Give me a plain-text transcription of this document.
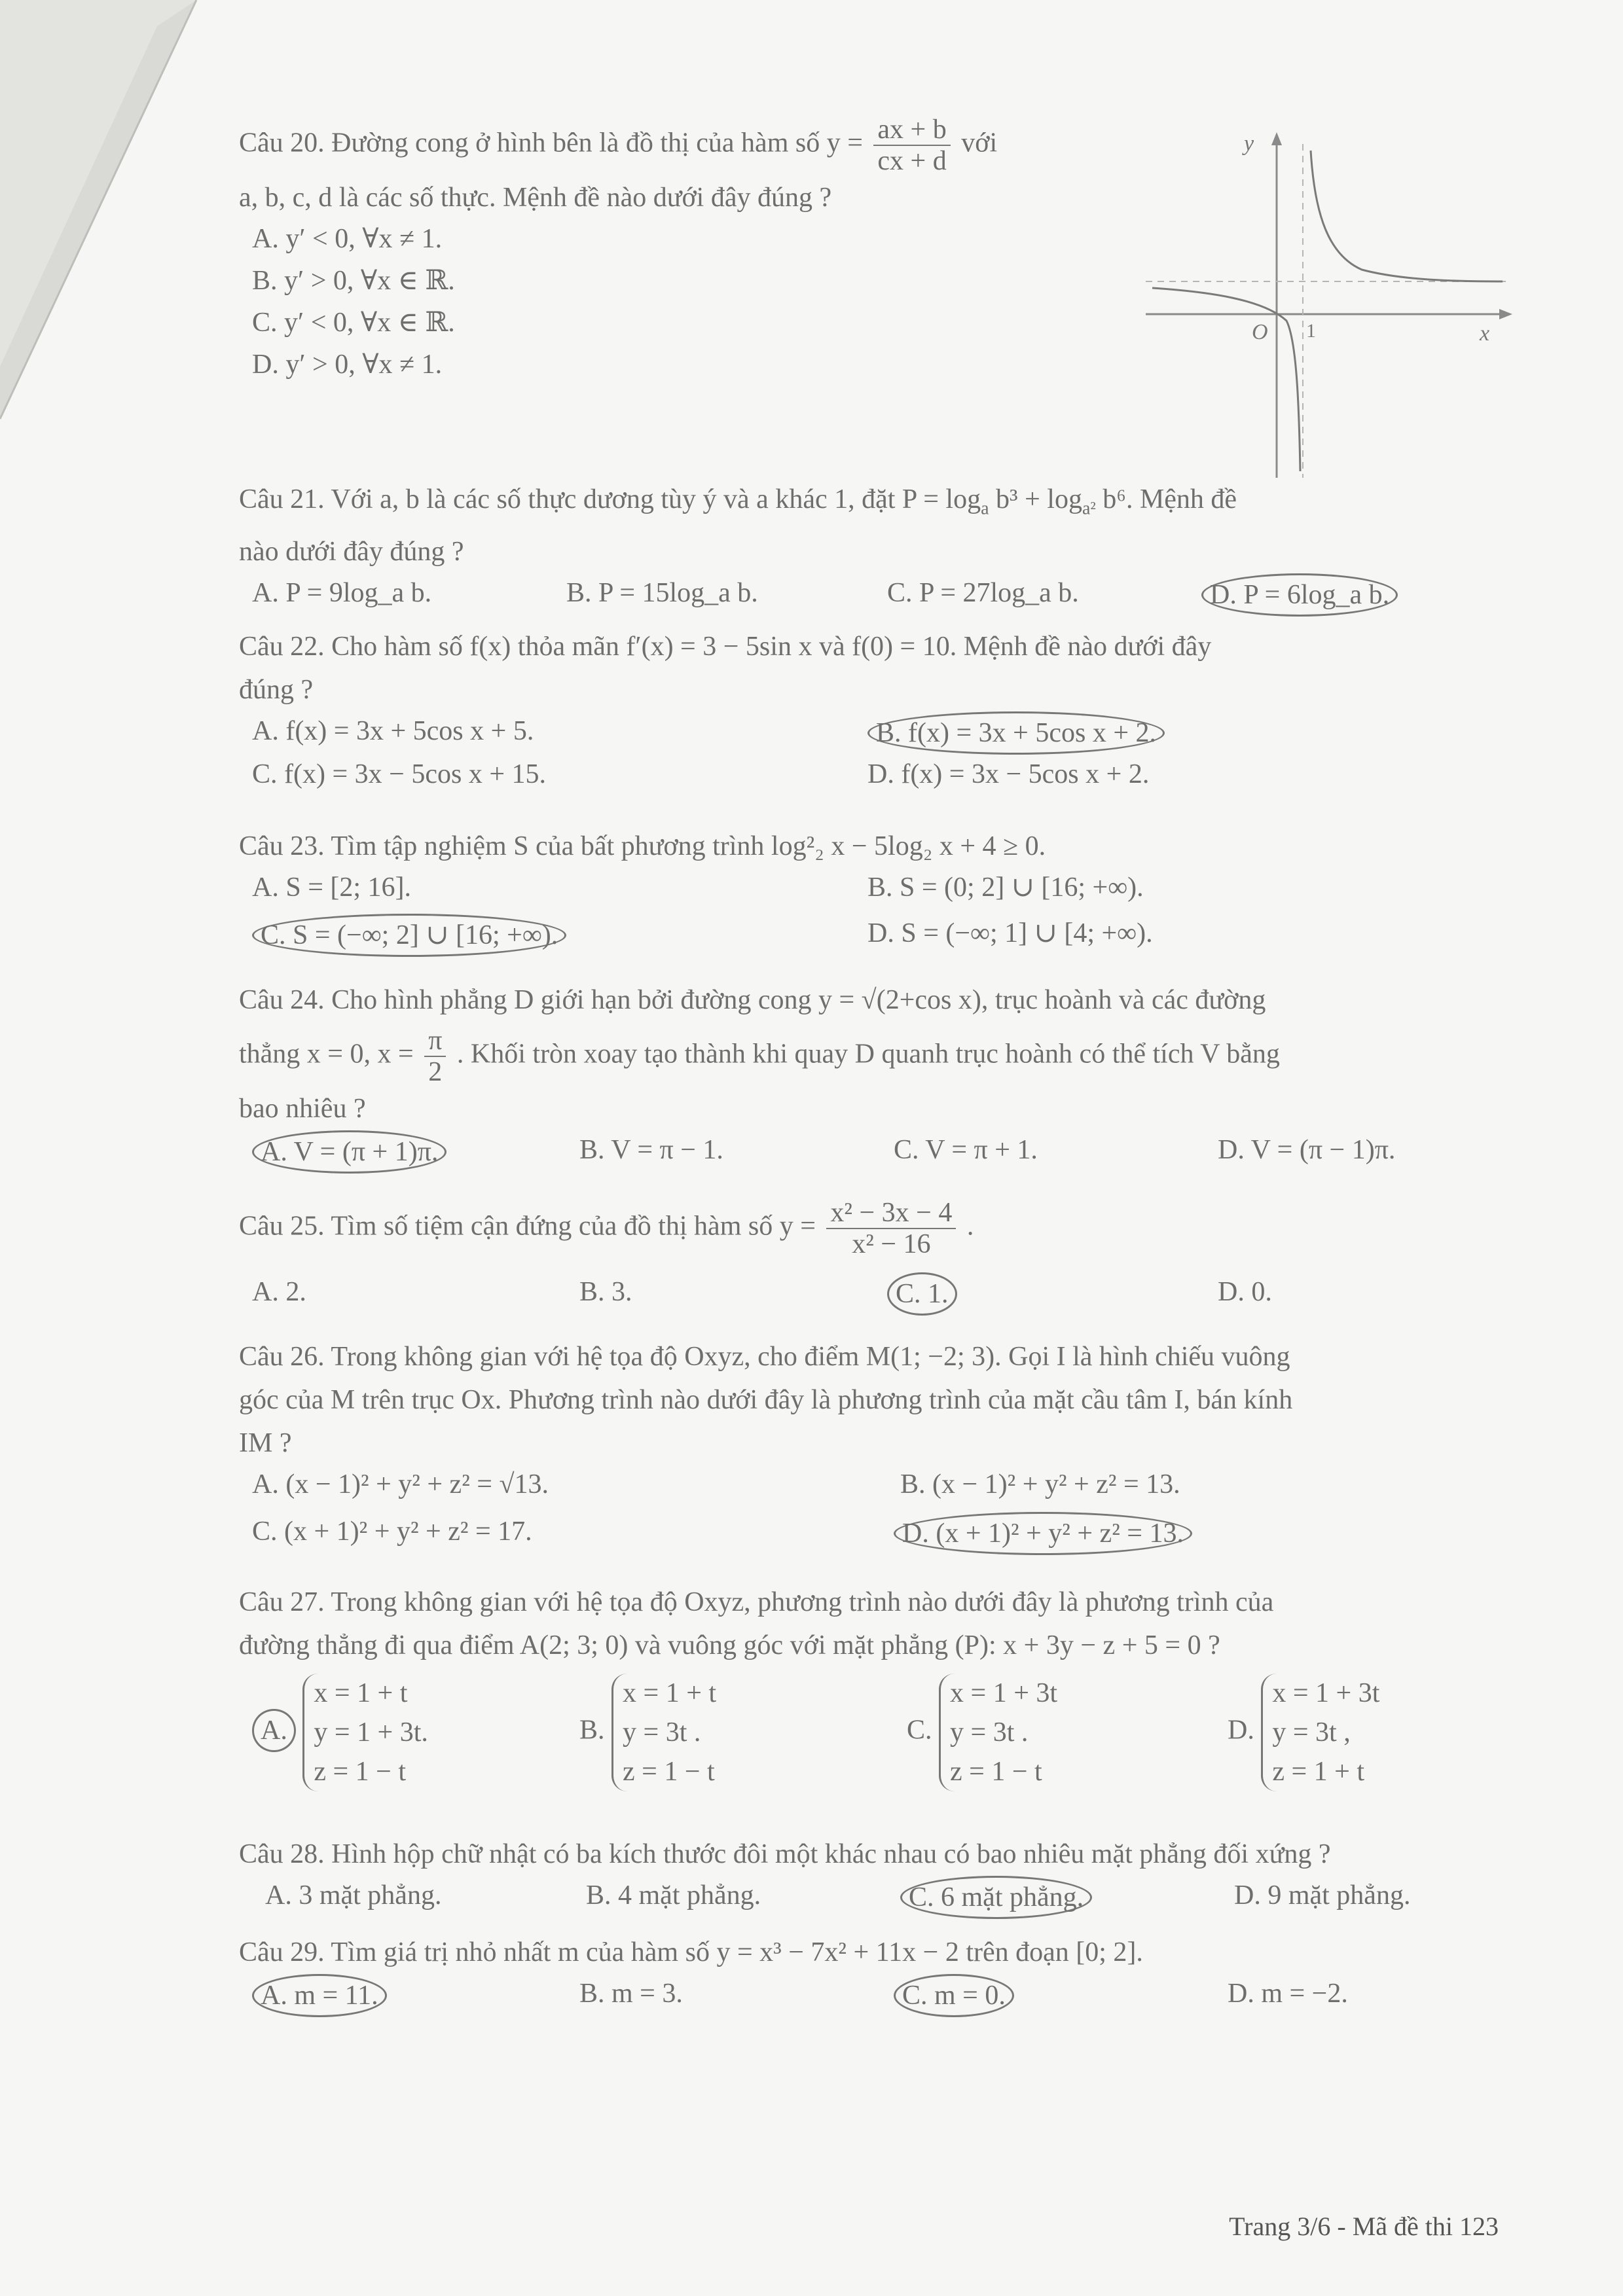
Câu 20. Đường cong ở hình bên là đồ thị của hàm số $y = \frac{ax + b}{cx + d}$ với
a, b, c, d là các số thực. Mệnh đề nào dưới đây đúng ?
A. y′ < 0, ∀x ≠ 1.
B. y′ > 0, ∀x ∈ ℝ.
C. y′ < 0, ∀x ∈ ℝ.
D. y′ > 0, ∀x ≠ 1.
y
x
O 1
Câu 21. Với a, b là các số thực dương tùy ý và a khác 1, đặt $P = \log_a b^3 + \log_{a^2} b^6$. Mệnh đề
nào dưới đây đúng ?
A. P = 9log_a b.	B. P = 15log_a b.	C. P = 27log_a b.	D. P = 6log_a b.
Câu 22. Cho hàm số f(x) thỏa mãn f′(x) = 3 − 5sin x và f(0) = 10. Mệnh đề nào dưới đây
đúng ?
A. f(x) = 3x + 5cos x + 5.	B. f(x) = 3x + 5cos x + 2.
C. f(x) = 3x − 5cos x + 15.	D. f(x) = 3x − 5cos x + 2.
Câu 23. Tìm tập nghiệm S của bất phương trình log²₂ x − 5log₂ x + 4 ≥ 0.
A. S = [2; 16].	B. S = (0; 2] ∪ [16; +∞).
C. S = (−∞; 2] ∪ [16; +∞).	D. S = (−∞; 1] ∪ [4; +∞).
Câu 24. Cho hình phẳng D giới hạn bởi đường cong y = √(2+cos x), trục hoành và các đường
thẳng x = 0, $x = \frac{\pi}{2}$ . Khối tròn xoay tạo thành khi quay D quanh trục hoành có thể tích V bằng
bao nhiêu ?
A. V = (π + 1)π.	B. V = π − 1.	C. V = π + 1.	D. V = (π − 1)π.
Câu 25. Tìm số tiệm cận đứng của đồ thị hàm số $y = \frac{\text{x² − 3x − 4}}{\text{x² − 16}}$ .
A. 2.	B. 3.	C. 1.	D. 0.
Câu 26. Trong không gian với hệ tọa độ Oxyz, cho điểm M(1; −2; 3). Gọi I là hình chiếu vuông
góc của M trên trục Ox. Phương trình nào dưới đây là phương trình của mặt cầu tâm I, bán kính
IM ?
A. (x − 1)² + y² + z² = √13.	B. (x − 1)² + y² + z² = 13.
C. (x + 1)² + y² + z² = 17.	D. (x + 1)² + y² + z² = 13.
Câu 27. Trong không gian với hệ tọa độ Oxyz, phương trình nào dưới đây là phương trình của
đường thẳng đi qua điểm A(2; 3; 0) và vuông góc với mặt phẳng (P): x + 3y − z + 5 = 0 ?
A.
x = 1 + t
y = 1 + 3t.
z = 1 − t
B.
x = 1 + t
y = 3t .
z = 1 − t
C.
x = 1 + 3t
y = 3t .
z = 1 − t
D.
x = 1 + 3t
y = 3t ,
z = 1 + t
Câu 28. Hình hộp chữ nhật có ba kích thước đôi một khác nhau có bao nhiêu mặt phẳng đối xứng ?
A. 3 mặt phẳng.	B. 4 mặt phẳng.	C. 6 mặt phẳng.	D. 9 mặt phẳng.
Câu 29. Tìm giá trị nhỏ nhất m của hàm số y = x³ − 7x² + 11x − 2 trên đoạn [0; 2].
A. m = 11.	B. m = 3.	C. m = 0.	D. m = −2.
Trang 3/6 - Mã đề thi 123
